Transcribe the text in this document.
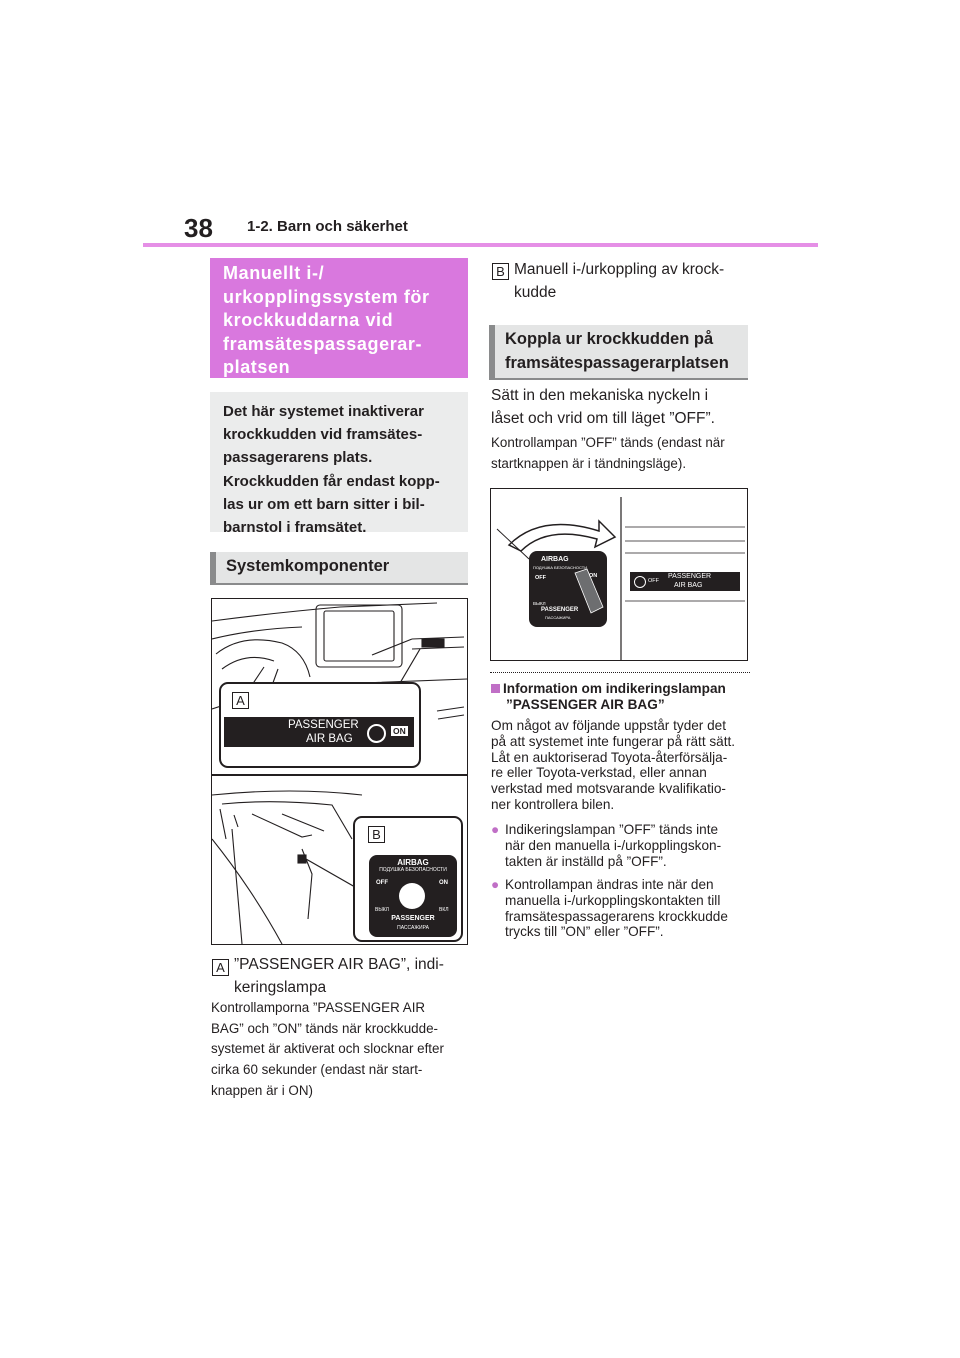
38 1-2. Barn och säkerhet
Manuellt i-/
urkopplingssystem för
krockkuddarna vid
framsätespassagerar-
platsen
Det här systemet inaktiverar
krockkudden vid framsätes-
passagerarens plats.
Krockkudden får endast kopp-
las ur om ett barn sitter i bil-
barnstol i framsätet.
Systemkomponenter
A
PASSENGER
AIR BAG
ON
B
AIRBAG
ПОДУШКА БЕЗОПАСНОСТИ
OFF	ON
ВЫКЛ	ВКЛ
PASSENGER
ПАССАЖИРА
A ”PASSENGER AIR BAG”, indi-
keringslampa
Kontrollamporna ”PASSENGER AIR
BAG” och ”ON” tänds när krockkudde-
systemet är aktiverat och slocknar efter
cirka 60 sekunder (endast när start-
knappen är i ON)
B Manuell i-/urkoppling av krock-
kudde
Koppla ur krockkudden på
framsätespassagerarplatsen
Sätt in den mekaniska nyckeln i
låset och vrid om till läget ”OFF”.
Kontrollampan ”OFF” tänds (endast när
startknappen är i tändningsläge).
AIRBAG
ПОДУШКА БЕЗОПАСНОСТИ
OFF	ON
ВЫКЛ
PASSENGER
ПАССАЖИРА
OFF
PASSENGER
AIR BAG
Information om indikeringslampan
”PASSENGER AIR BAG”
Om något av följande uppstår tyder det
på att systemet inte fungerar på rätt sätt.
Låt en auktoriserad Toyota-återförsälja-
re eller Toyota-verkstad, eller annan
verkstad med motsvarande kvalifikatio-
ner kontrollera bilen.
● Indikeringslampan ”OFF” tänds inte
när den manuella i-/urkopplingskon-
takten är inställd på ”OFF”.
● Kontrollampan ändras inte när den
manuella i-/urkopplingskontakten till
framsätespassagerarens krockkudde
trycks till ”ON” eller ”OFF”.
